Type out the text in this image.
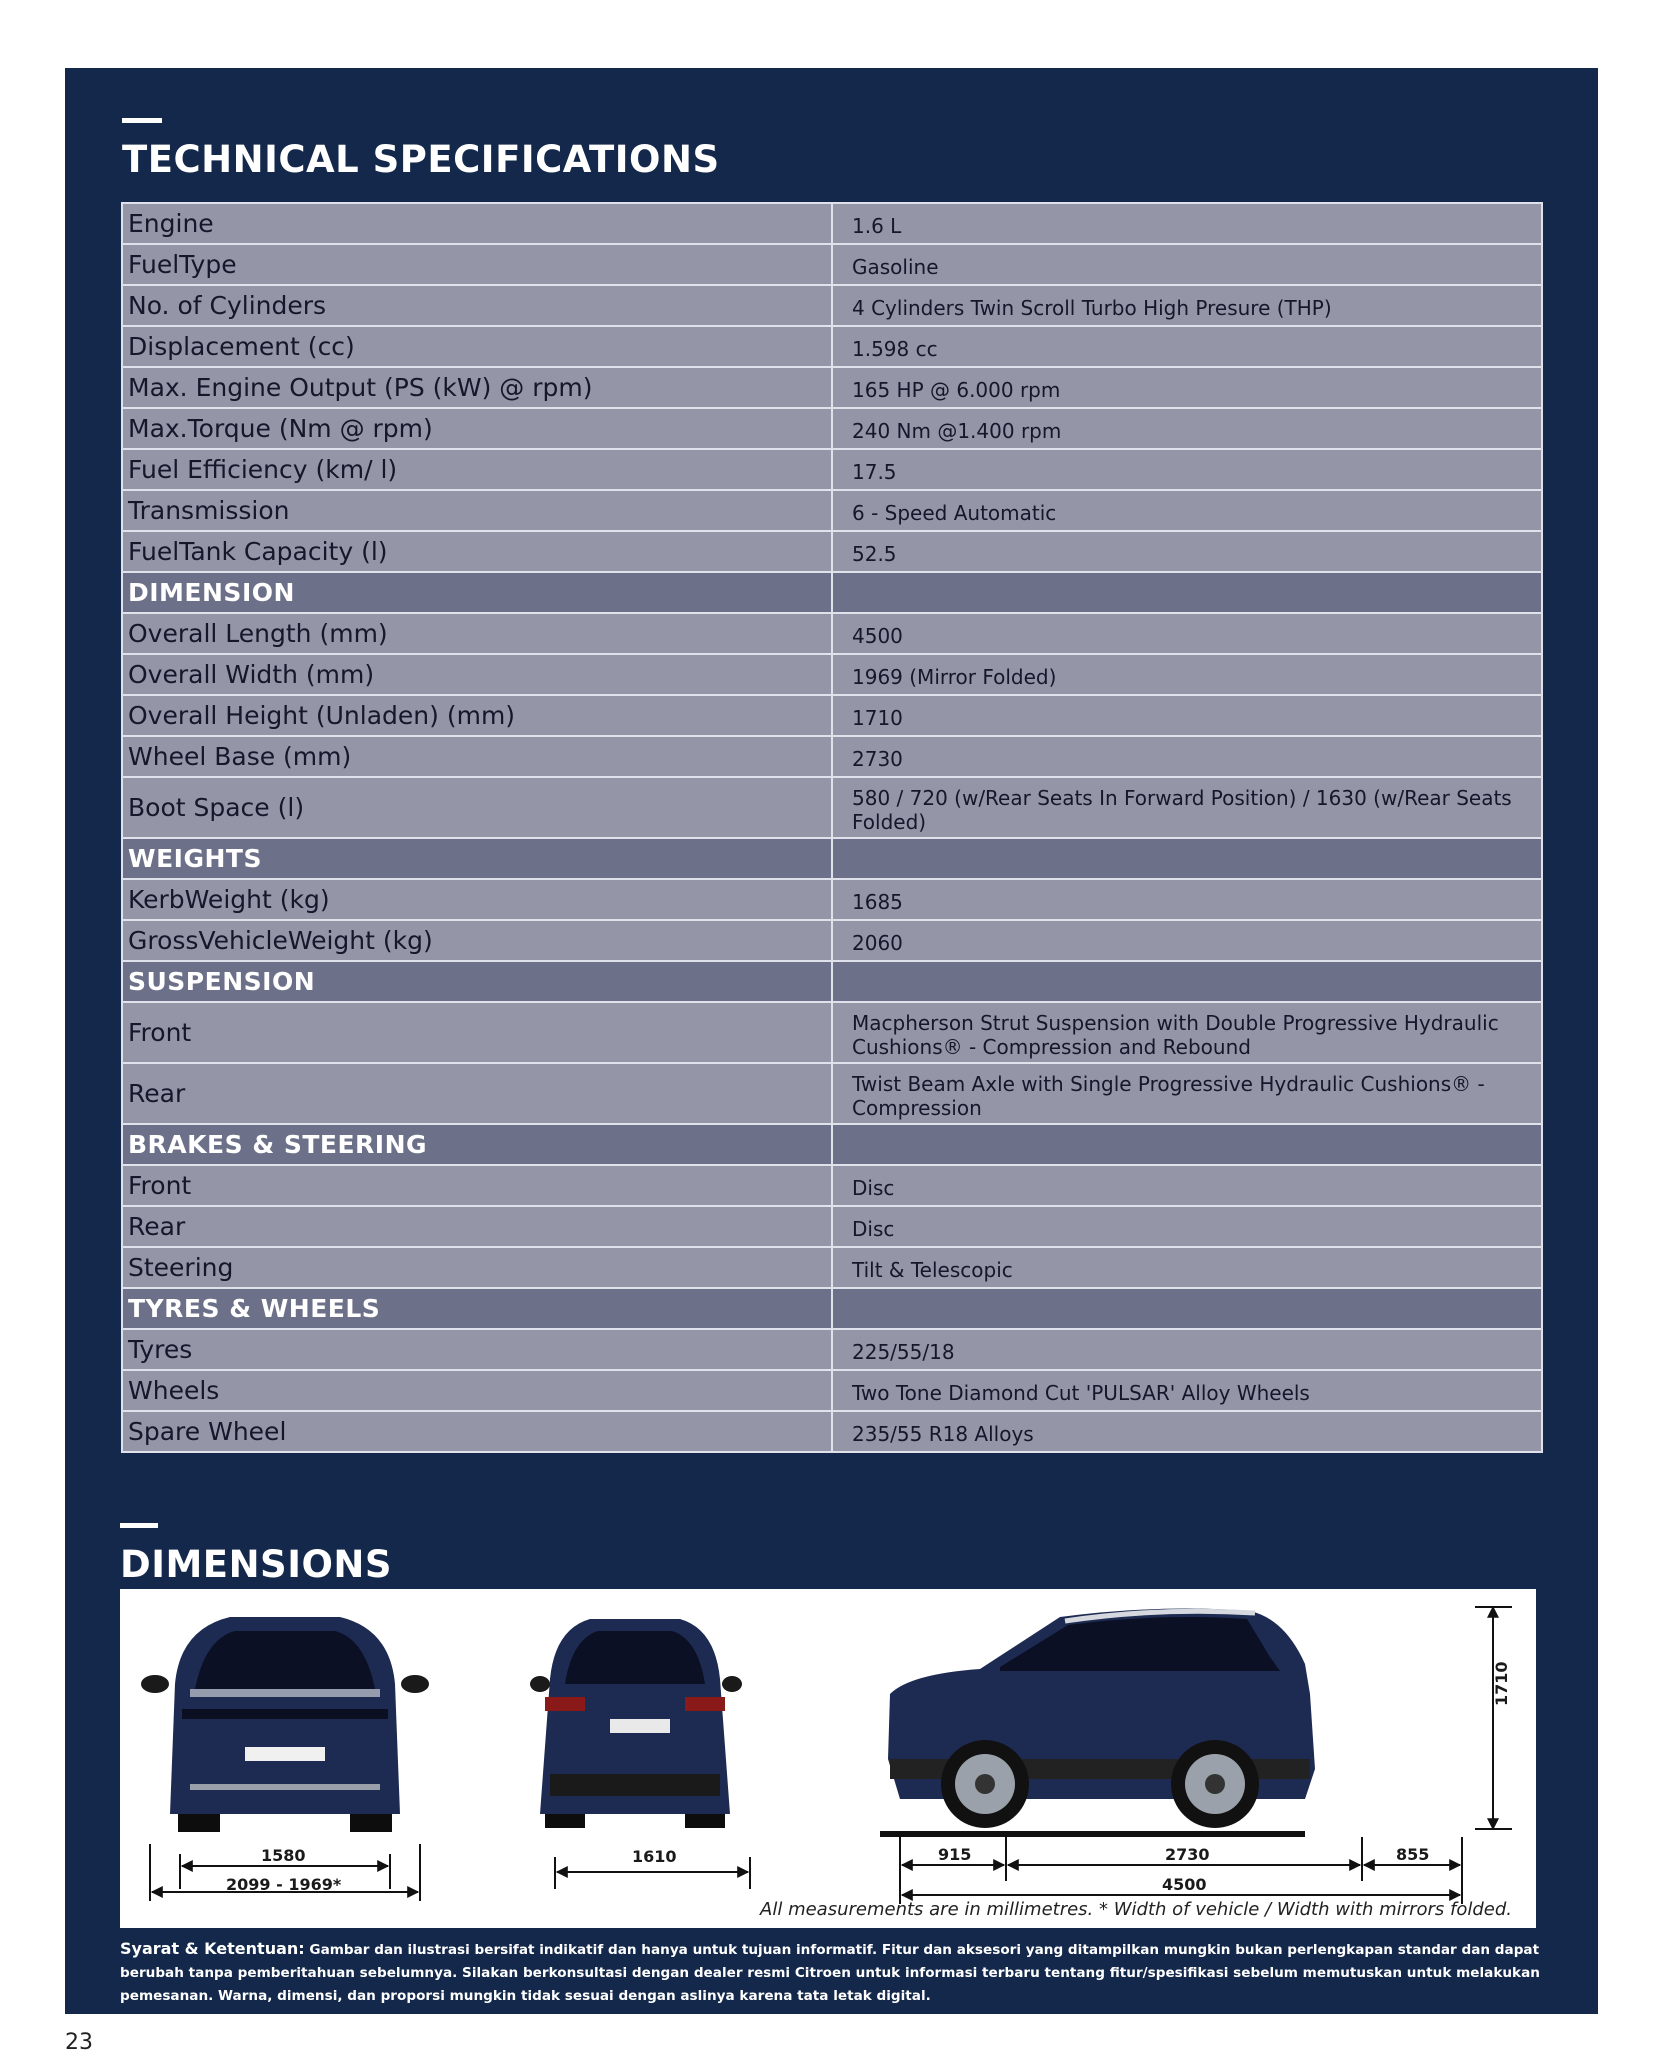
TECHNICAL SPECIFICATIONS
Engine	1.6 L
FuelType	Gasoline
No. of Cylinders	4 Cylinders Twin Scroll Turbo High Presure (THP)
Displacement (cc)	1.598 cc
Max. Engine Output (PS (kW) @ rpm)	165 HP @ 6.000 rpm
Max.Torque (Nm @ rpm)	240 Nm @1.400 rpm
Fuel Efficiency (km/ l)	17.5
Transmission	6 - Speed Automatic
FuelTank Capacity (l)	52.5
DIMENSION	
Overall Length (mm)	4500
Overall Width (mm)	1969 (Mirror Folded)
Overall Height (Unladen) (mm)	1710
Wheel Base (mm)	2730
Boot Space (l)	580 / 720 (w/Rear Seats In Forward Position) / 1630 (w/Rear Seats Folded)
WEIGHTS	
KerbWeight (kg)	1685
GrossVehicleWeight (kg)	2060
SUSPENSION	
Front	Macpherson Strut Suspension with Double Progressive Hydraulic Cushions® - Compression and Rebound
Rear	Twist Beam Axle with Single Progressive Hydraulic Cushions® - Compression
BRAKES & STEERING	
Front	Disc
Rear	Disc
Steering	Tilt & Telescopic
TYRES & WHEELS	
Tyres	225/55/18
Wheels	Two Tone Diamond Cut 'PULSAR' Alloy Wheels
Spare Wheel	235/55 R18 Alloys
DIMENSIONS
1580
2099 - 1969*
1610	915	2730	855
4500
1710

All measurements are in millimetres. * Width of vehicle / Width with mirrors folded.

Syarat & Ketentuan: Gambar dan ilustrasi bersifat indikatif dan hanya untuk tujuan informatif. Fitur dan aksesori yang ditampilkan mungkin bukan perlengkapan standar dan dapat berubah tanpa pemberitahuan sebelumnya. Silakan berkonsultasi dengan dealer resmi Citroen untuk informasi terbaru tentang fitur/spesifikasi sebelum memutuskan untuk melakukan pemesanan. Warna, dimensi, dan proporsi mungkin tidak sesuai dengan aslinya karena tata letak digital.

23
